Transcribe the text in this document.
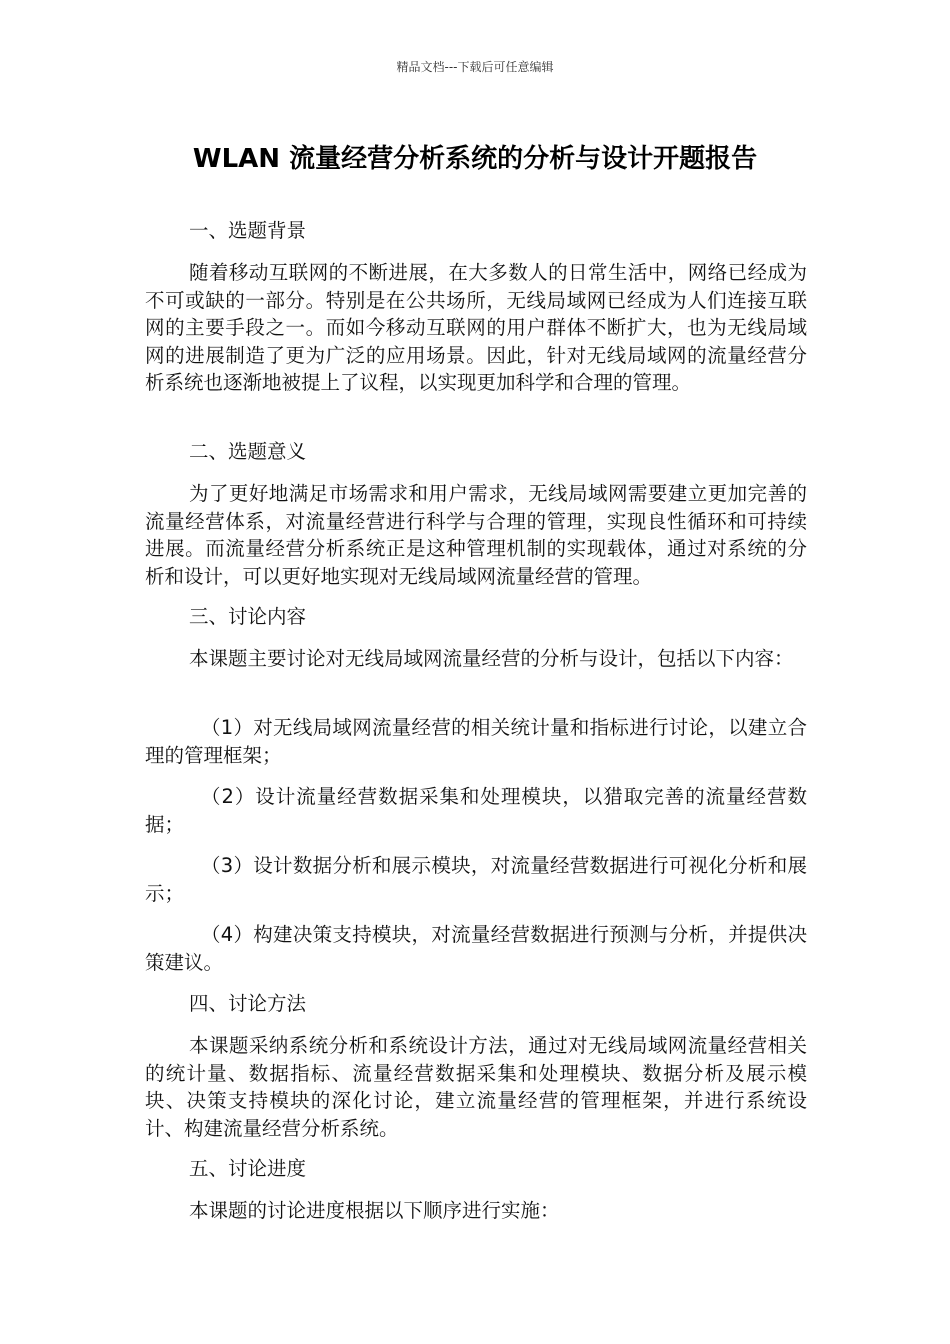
精品文档---下载后可任意编辑
WLAN 流量经营分析系统的分析与设计开题报告
一、选题背景
随着移动互联网的不断进展，在大多数人的日常生活中，网络已经成为不可或缺的一部分。特别是在公共场所，无线局域网已经成为人们连接互联网的主要手段之一。而如今移动互联网的用户群体不断扩大，也为无线局域网的进展制造了更为广泛的应用场景。因此，针对无线局域网的流量经营分析系统也逐渐地被提上了议程，以实现更加科学和合理的管理。
二、选题意义
为了更好地满足市场需求和用户需求，无线局域网需要建立更加完善的流量经营体系，对流量经营进行科学与合理的管理，实现良性循环和可持续进展。而流量经营分析系统正是这种管理机制的实现载体，通过对系统的分析和设计，可以更好地实现对无线局域网流量经营的管理。
三、讨论内容
本课题主要讨论对无线局域网流量经营的分析与设计，包括以下内容：
（1）对无线局域网流量经营的相关统计量和指标进行讨论，以建立合理的管理框架；
（2）设计流量经营数据采集和处理模块，以猎取完善的流量经营数据；
（3）设计数据分析和展示模块，对流量经营数据进行可视化分析和展示；
（4）构建决策支持模块，对流量经营数据进行预测与分析，并提供决策建议。
四、讨论方法
本课题采纳系统分析和系统设计方法，通过对无线局域网流量经营相关的统计量、数据指标、流量经营数据采集和处理模块、数据分析及展示模块、决策支持模块的深化讨论，建立流量经营的管理框架，并进行系统设计、构建流量经营分析系统。
五、讨论进度
本课题的讨论进度根据以下顺序进行实施：
